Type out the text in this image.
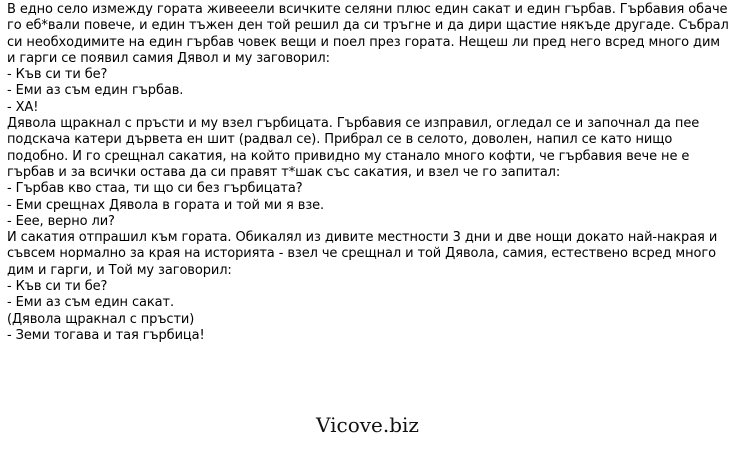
В едно село измежду гората живееeли всичките селяни плюс един сакат и един гърбав. Гърбавия обаче го еб*вали повече, и един тъжен ден той решил да си тръгне и да дири щастие някъде другаде. Събрал си необходимите на един гърбав човек вещи и поел през гората. Нещеш ли пред него всред много дим и гарги се появил самия Дявол и му заговорил:

- Къв си ти бе?

- Еми аз съм един гърбав.

- ХА!

Дявола щракнал с пръсти и му взел гърбицата. Гърбавия се изправил, огледал се и започнал да пее подскача катери дървета ен шит (радвал се). Прибрал се в селото, доволен, напил се като нищо подобно. И го срещнал сакатия, на който привидно му станало много кофти, че гърбавия вече не е гърбав и за всички остава да си правят т*шак със сакатия, и взел че го запитал:

- Гърбав кво стаа, ти що си без гърбицата?

- Еми срещнах Дявола в гората и той ми я взе.

- Еее, верно ли?

И сакатия отпрашил към гората. Обикалял из дивите местности 3 дни и две нощи докато най-накрая и съвсем нормално за края на историята - взел че срещнал и той Дявола, самия, естествено всред много дим и гарги, и Той му заговорил:

- Къв си ти бе?

- Еми аз съм един сакат.

(Дявола щракнал с пръсти)

- Земи тогава и тая гърбица!

Vicove.biz
